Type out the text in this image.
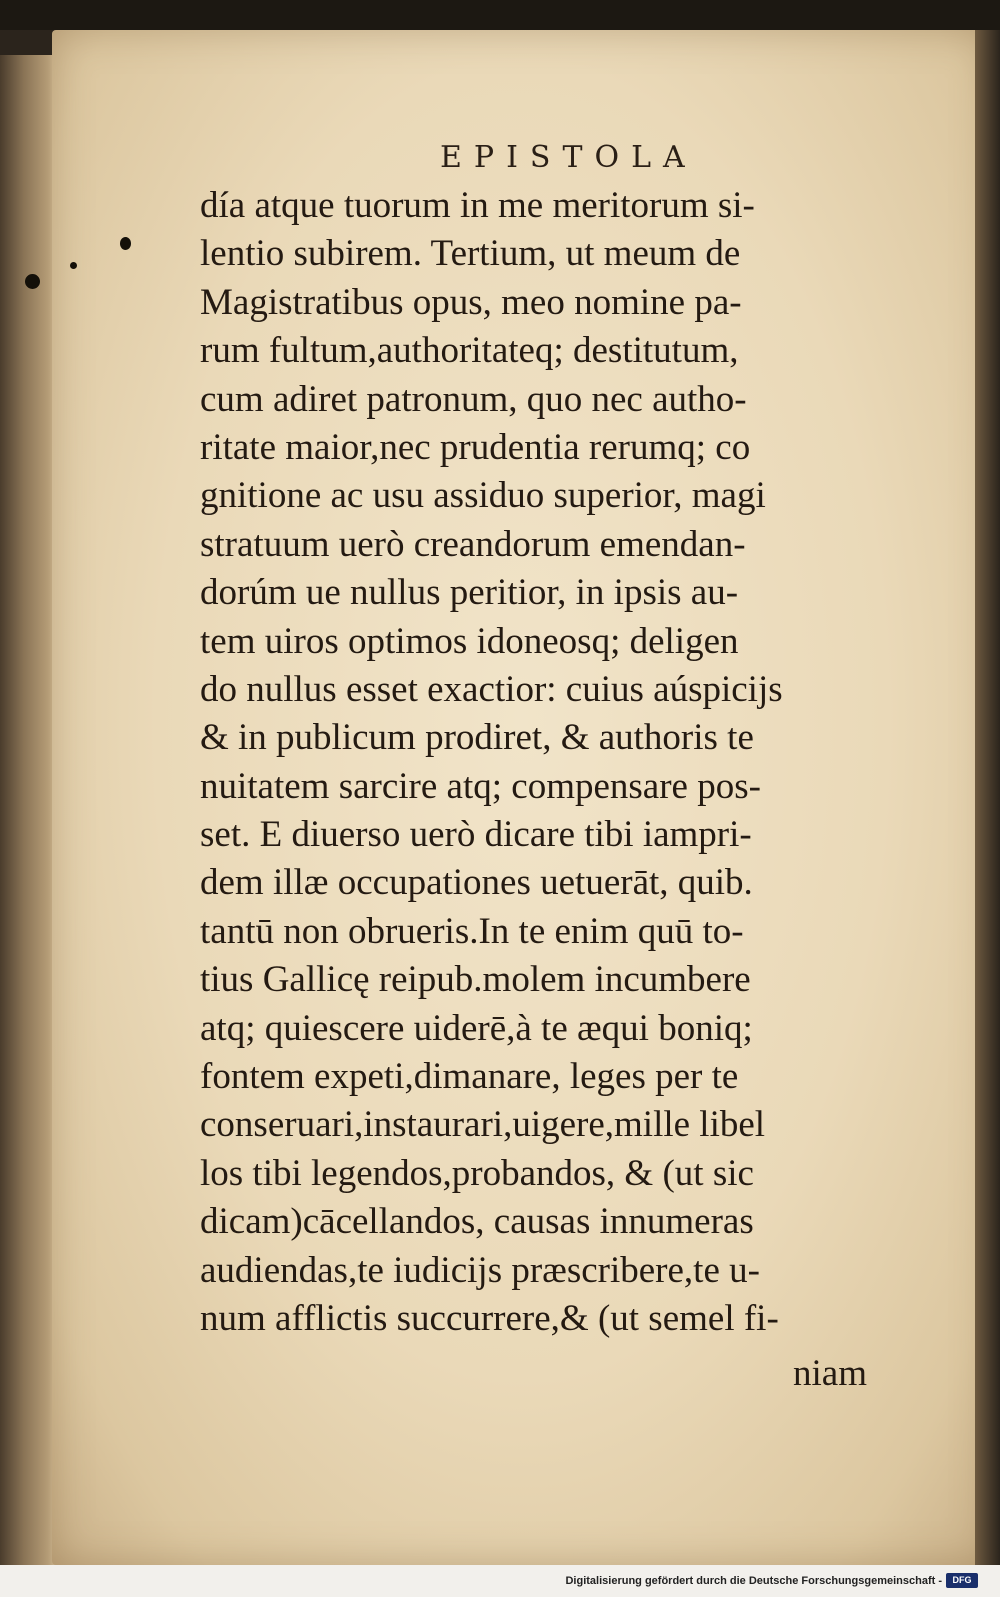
EPISTOLA
día atque tuorum in me meritorum si-
lentio subirem. Tertium, ut meum de
Magistratibus opus, meo nomine pa-
rum fultum,authoritateq; destitutum,
cum adiret patronum, quo nec autho-
ritate maior,nec prudentia rerumq; co
gnitione ac usu assiduo superior, magi
stratuum uerò creandorum emendan-
dorúm ue nullus peritior, in ipsis au-
tem uiros optimos idoneosq; deligen
do nullus esset exactior: cuius aúspicijs
& in publicum prodiret, & authoris te
nuitatem sarcire atq; compensare pos-
set. E diuerso uerò dicare tibi iampri-
dem illæ occupationes uetuerāt, quib.
tantū non obrueris.In te enim quū to-
tius Gallicę reipub.molem incumbere
atq; quiescere uiderē,à te æqui boniq;
fontem expeti,dimanare, leges per te
conseruari,instaurari,uigere,mille libel
los tibi legendos,probandos, & (ut sic
dicam)cācellandos, causas innumeras
audiendas,te iudicijs præscribere,te u-
num afflictis succurrere,& (ut semel fi-
niam
Digitalisierung gefördert durch die Deutsche Forschungsgemeinschaft -	DFG
